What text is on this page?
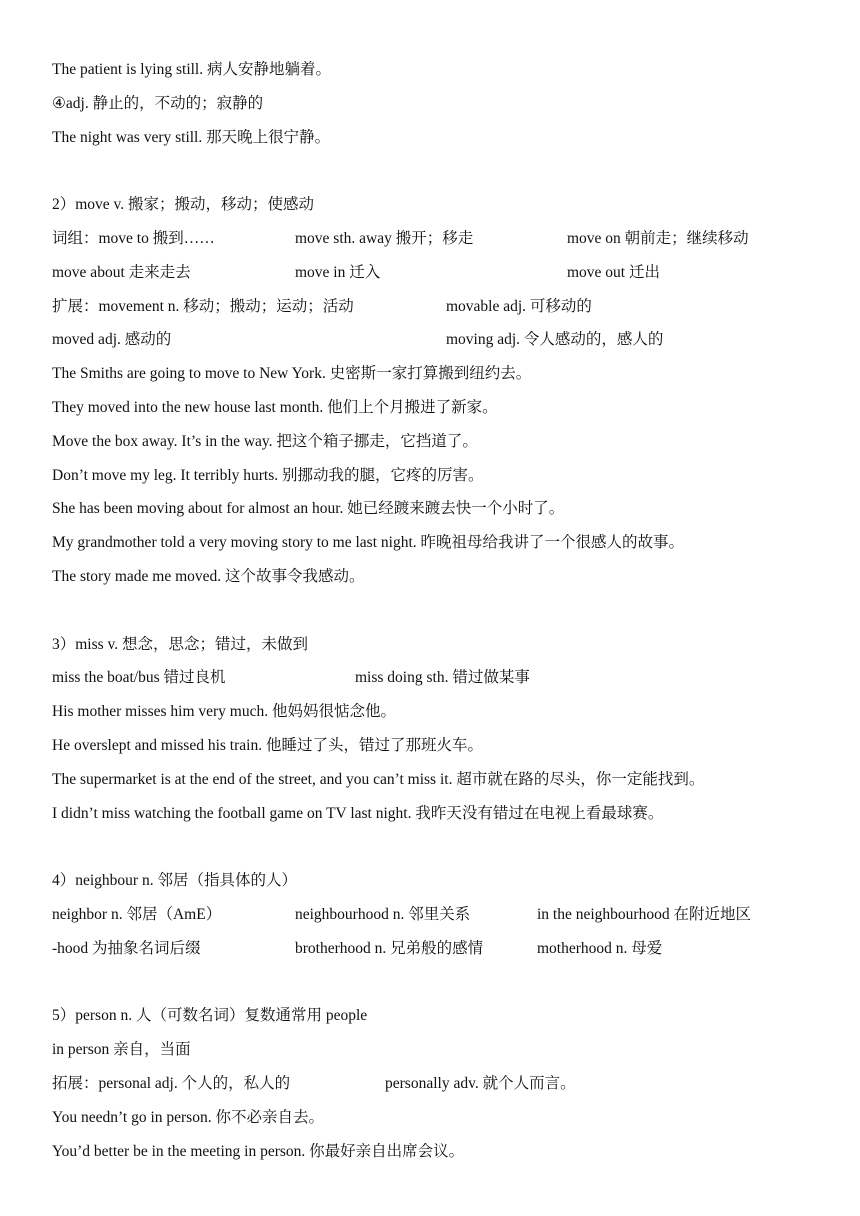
The patient is lying still. 病人安静地躺着。
④adj. 静止的，不动的；寂静的
The night was very still. 那天晚上很宁静。
2）move v. 搬家；搬动，移动；使感动
词组：move to 搬到……	move sth. away 搬开；移走	move on 朝前走；继续移动
move about 走来走去	move in 迁入	move out 迁出
扩展：movement n. 移动；搬动；运动；活动	movable adj. 可移动的
moved adj. 感动的	moving adj. 令人感动的，感人的
The Smiths are going to move to New York. 史密斯一家打算搬到纽约去。
They moved into the new house last month. 他们上个月搬进了新家。
Move the box away. It’s in the way. 把这个箱子挪走，它挡道了。
Don’t move my leg. It terribly hurts. 别挪动我的腿，它疼的厉害。
She has been moving about for almost an hour. 她已经踱来踱去快一个小时了。
My grandmother told a very moving story to me last night. 昨晚祖母给我讲了一个很感人的故事。
The story made me moved. 这个故事令我感动。
3）miss v. 想念，思念；错过，未做到
miss the boat/bus 错过良机	miss doing sth. 错过做某事
His mother misses him very much. 他妈妈很惦念他。
He overslept and missed his train. 他睡过了头，错过了那班火车。
The supermarket is at the end of the street, and you can’t miss it. 超市就在路的尽头，你一定能找到。
I didn’t miss watching the football game on TV last night. 我昨天没有错过在电视上看最球赛。
4）neighbour n. 邻居（指具体的人）
neighbor n. 邻居（AmE）	neighbourhood n. 邻里关系	in the neighbourhood 在附近地区
-hood 为抽象名词后缀	brotherhood n. 兄弟般的感情	motherhood n. 母爱
5）person n. 人（可数名词）复数通常用 people
in person 亲自，当面
拓展：personal adj. 个人的，私人的	personally adv. 就个人而言。
You needn’t go in person. 你不必亲自去。
You’d better be in the meeting in person. 你最好亲自出席会议。
